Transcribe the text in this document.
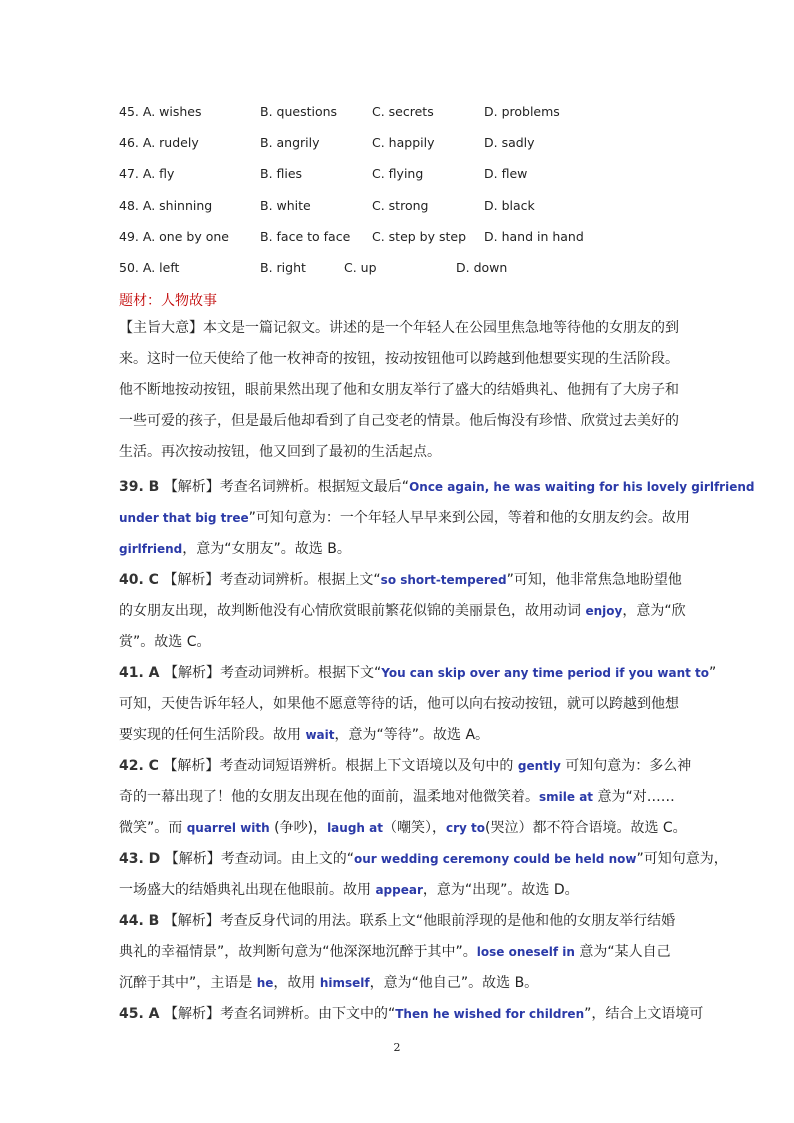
45. A. wishes	B. questions	C. secrets	D. problems
46. A. rudely	B. angrily	C. happily	D. sadly
47. A. fly	B. flies	C. flying	D. flew
48. A. shinning	B. white	C. strong	D. black
49. A. one by one B. face to face C. step by step D. hand in hand
50. A. left	B. right	C. up	D. down
题材：人物故事
【主旨大意】本文是一篇记叙文。讲述的是一个年轻人在公园里焦急地等待他的女朋友的到
来。这时一位天使给了他一枚神奇的按钮，按动按钮他可以跨越到他想要实现的生活阶段。
他不断地按动按钮，眼前果然出现了他和女朋友举行了盛大的结婚典礼、他拥有了大房子和
一些可爱的孩子，但是最后他却看到了自己变老的情景。他后悔没有珍惜、欣赏过去美好的
生活。再次按动按钮，他又回到了最初的生活起点。
39. B 【解析】考查名词辨析。根据短文最后“Once again, he was waiting for his lovely girlfriend
under that big tree”可知句意为：一个年轻人早早来到公园，等着和他的女朋友约会。故用
girlfriend，意为“女朋友”。故选 B。
40. C 【解析】考查动词辨析。根据上文“so short-tempered”可知，他非常焦急地盼望他
的女朋友出现，故判断他没有心情欣赏眼前繁花似锦的美丽景色，故用动词 enjoy，意为“欣
赏”。故选 C。
41. A 【解析】考查动词辨析。根据下文“You can skip over any time period if you want to”
可知，天使告诉年轻人，如果他不愿意等待的话，他可以向右按动按钮，就可以跨越到他想
要实现的任何生活阶段。故用 wait，意为“等待”。故选 A。
42. C 【解析】考查动词短语辨析。根据上下文语境以及句中的 gently 可知句意为：多么神
奇的一幕出现了！他的女朋友出现在他的面前，温柔地对他微笑着。smile at 意为“对……
微笑”。而 quarrel with (争吵)，laugh at（嘲笑），cry to(哭泣）都不符合语境。故选 C。
43. D 【解析】考查动词。由上文的“our wedding ceremony could be held now”可知句意为，
一场盛大的结婚典礼出现在他眼前。故用 appear，意为“出现”。故选 D。
44. B 【解析】考查反身代词的用法。联系上文“他眼前浮现的是他和他的女朋友举行结婚
典礼的幸福情景”，故判断句意为“他深深地沉醉于其中”。lose oneself in 意为“某人自己
沉醉于其中”，主语是 he，故用 himself，意为“他自己”。故选 B。
45. A 【解析】考查名词辨析。由下文中的“Then he wished for children”，结合上文语境可
2
